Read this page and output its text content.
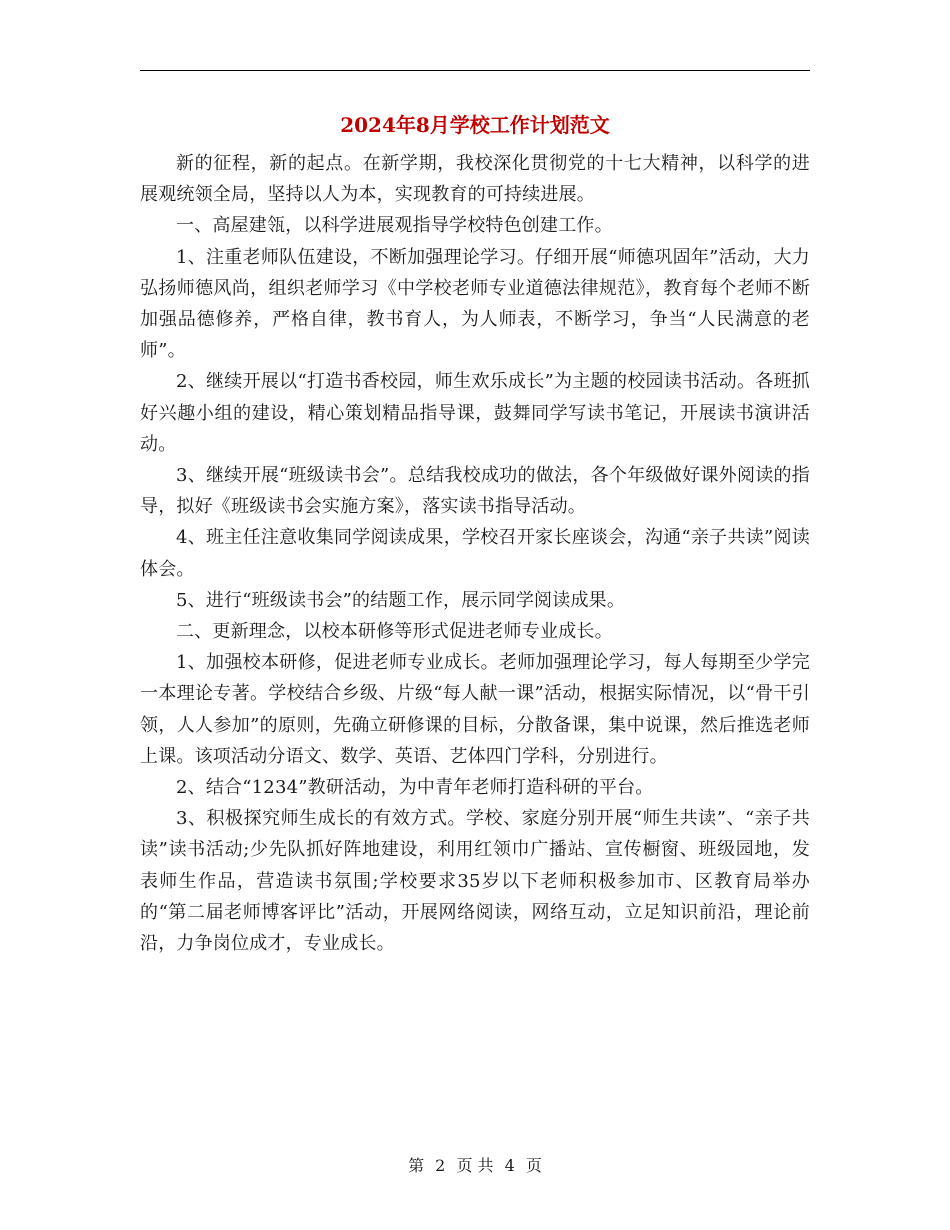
2024年8月学校工作计划范文

新的征程，新的起点。在新学期，我校深化贯彻党的十七大精神，以科学的进展观统领全局，坚持以人为本，实现教育的可持续进展。

一、高屋建瓴，以科学进展观指导学校特色创建工作。

1、注重老师队伍建设，不断加强理论学习。仔细开展“师德巩固年”活动，大力弘扬师德风尚，组织老师学习《中学校老师专业道德法律规范》，教育每个老师不断加强品德修养，严格自律，教书育人，为人师表，不断学习，争当“人民满意的老师”。

2、继续开展以“打造书香校园，师生欢乐成长”为主题的校园读书活动。各班抓好兴趣小组的建设，精心策划精品指导课，鼓舞同学写读书笔记，开展读书演讲活动。

3、继续开展“班级读书会”。总结我校成功的做法，各个年级做好课外阅读的指导，拟好《班级读书会实施方案》，落实读书指导活动。

4、班主任注意收集同学阅读成果，学校召开家长座谈会，沟通“亲子共读”阅读体会。

5、进行“班级读书会”的结题工作，展示同学阅读成果。

二、更新理念，以校本研修等形式促进老师专业成长。

1、加强校本研修，促进老师专业成长。老师加强理论学习，每人每期至少学完一本理论专著。学校结合乡级、片级“每人献一课”活动，根据实际情况，以“骨干引领，人人参加”的原则，先确立研修课的目标，分散备课，集中说课，然后推选老师上课。该项活动分语文、数学、英语、艺体四门学科，分别进行。

2、结合“1234”教研活动，为中青年老师打造科研的平台。

3、积极探究师生成长的有效方式。学校、家庭分别开展“师生共读”、“亲子共读”读书活动;少先队抓好阵地建设，利用红领巾广播站、宣传橱窗、班级园地，发表师生作品，营造读书氛围;学校要求35岁以下老师积极参加市、区教育局举办的“第二届老师博客评比”活动，开展网络阅读，网络互动，立足知识前沿，理论前沿，力争岗位成才，专业成长。

第 2 页 共 4 页
